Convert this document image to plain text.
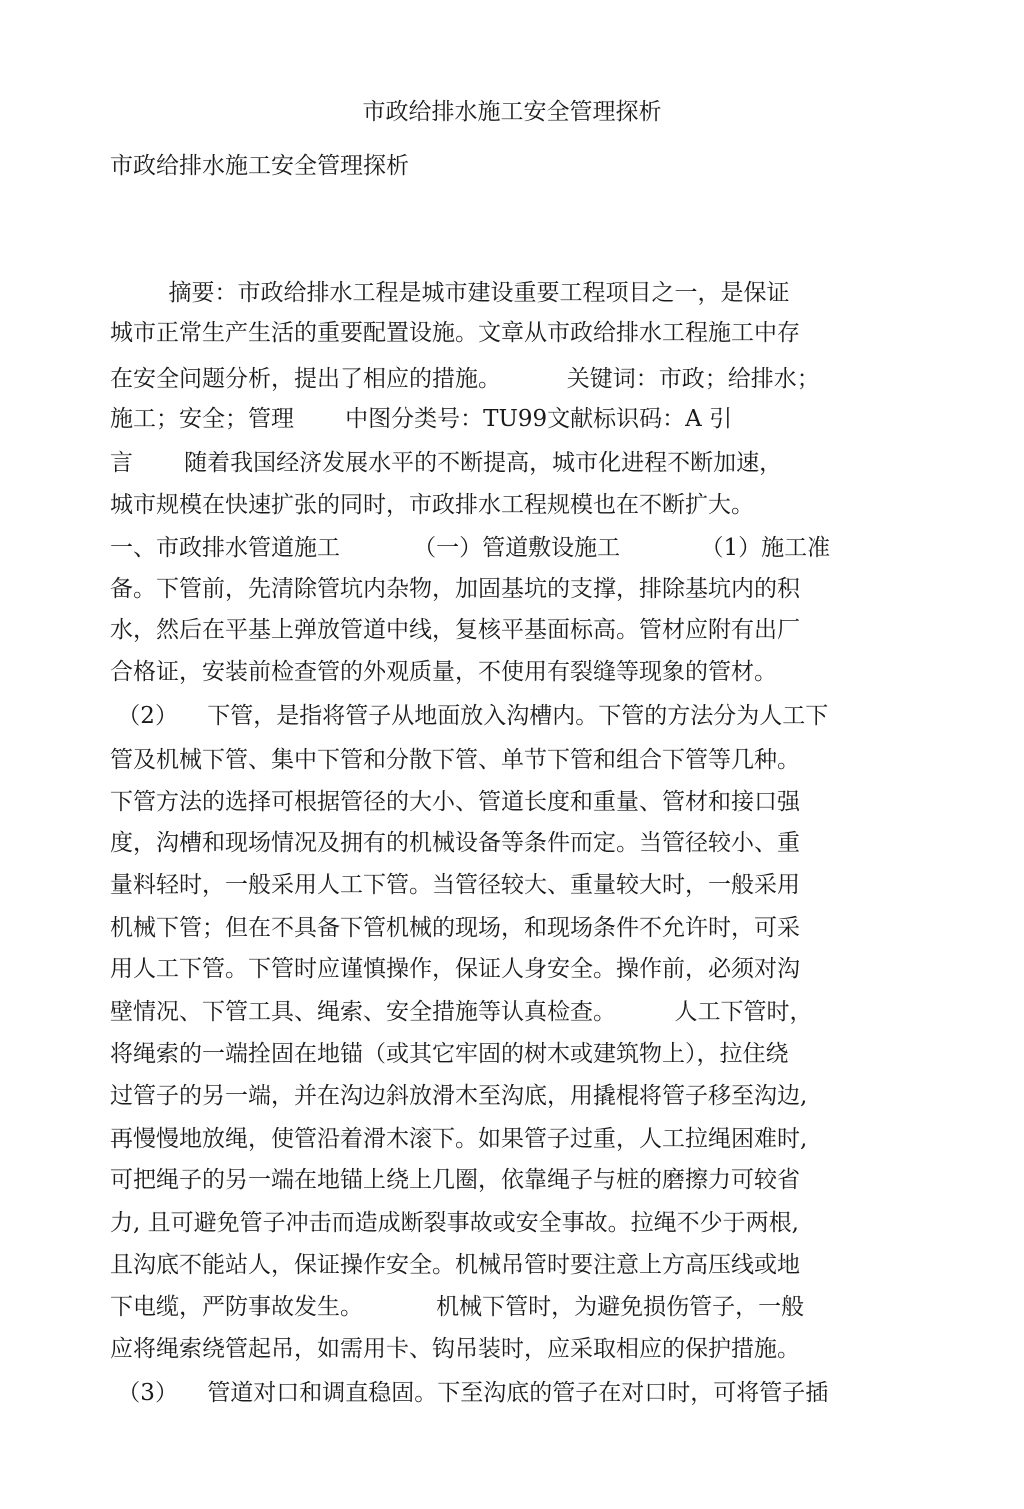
市政给排水施工安全管理探析
市政给排水施工安全管理探析
摘要：市政给排水工程是城市建设重要工程项目之一，是保证
城市正常生产生活的重要配置设施。文章从市政给排水工程施工中存
在安全问题分析，提出了相应的措施。         关键词：市政；给排水；
施工；安全；管理       中图分类号：TU99文献标识码：A 引
言       随着我国经济发展水平的不断提高，城市化进程不断加速，
城市规模在快速扩张的同时，市政排水工程规模也在不断扩大。
一、市政排水管道施工          （一）管道敷设施工           （1）施工准
备。下管前，先清除管坑内杂物，加固基坑的支撑，排除基坑内的积
水，然后在平基上弹放管道中线，复核平基面标高。管材应附有出厂
合格证，安装前检查管的外观质量，不使用有裂缝等现象的管材。
（2）    下管，是指将管子从地面放入沟槽内。下管的方法分为人工下
管及机械下管、集中下管和分散下管、单节下管和组合下管等几种。
下管方法的选择可根据管径的大小、管道长度和重量、管材和接口强
度，沟槽和现场情况及拥有的机械设备等条件而定。当管径较小、重
量料轻时，一般采用人工下管。当管径较大、重量较大时，一般采用
机械下管；但在不具备下管机械的现场，和现场条件不允许时，可采
用人工下管。下管时应谨慎操作，保证人身安全。操作前，必须对沟
壁情况、下管工具、绳索、安全措施等认真检查。        人工下管时，
将绳索的一端拴固在地锚（或其它牢固的树木或建筑物上），拉住绕
过管子的另一端，并在沟边斜放滑木至沟底，用撬棍将管子移至沟边,
再慢慢地放绳，使管沿着滑木滚下。如果管子过重，人工拉绳困难时,
可把绳子的另一端在地锚上绕上几圈，依靠绳子与桩的磨擦力可较省
力, 且可避免管子冲击而造成断裂事故或安全事故。拉绳不少于两根,
且沟底不能站人，保证操作安全。机械吊管时要注意上方高压线或地
下电缆，严防事故发生。          机械下管时，为避免损伤管子，一般
应将绳索绕管起吊，如需用卡、钩吊装时，应采取相应的保护措施。
（3）    管道对口和调直稳固。下至沟底的管子在对口时，可将管子插
